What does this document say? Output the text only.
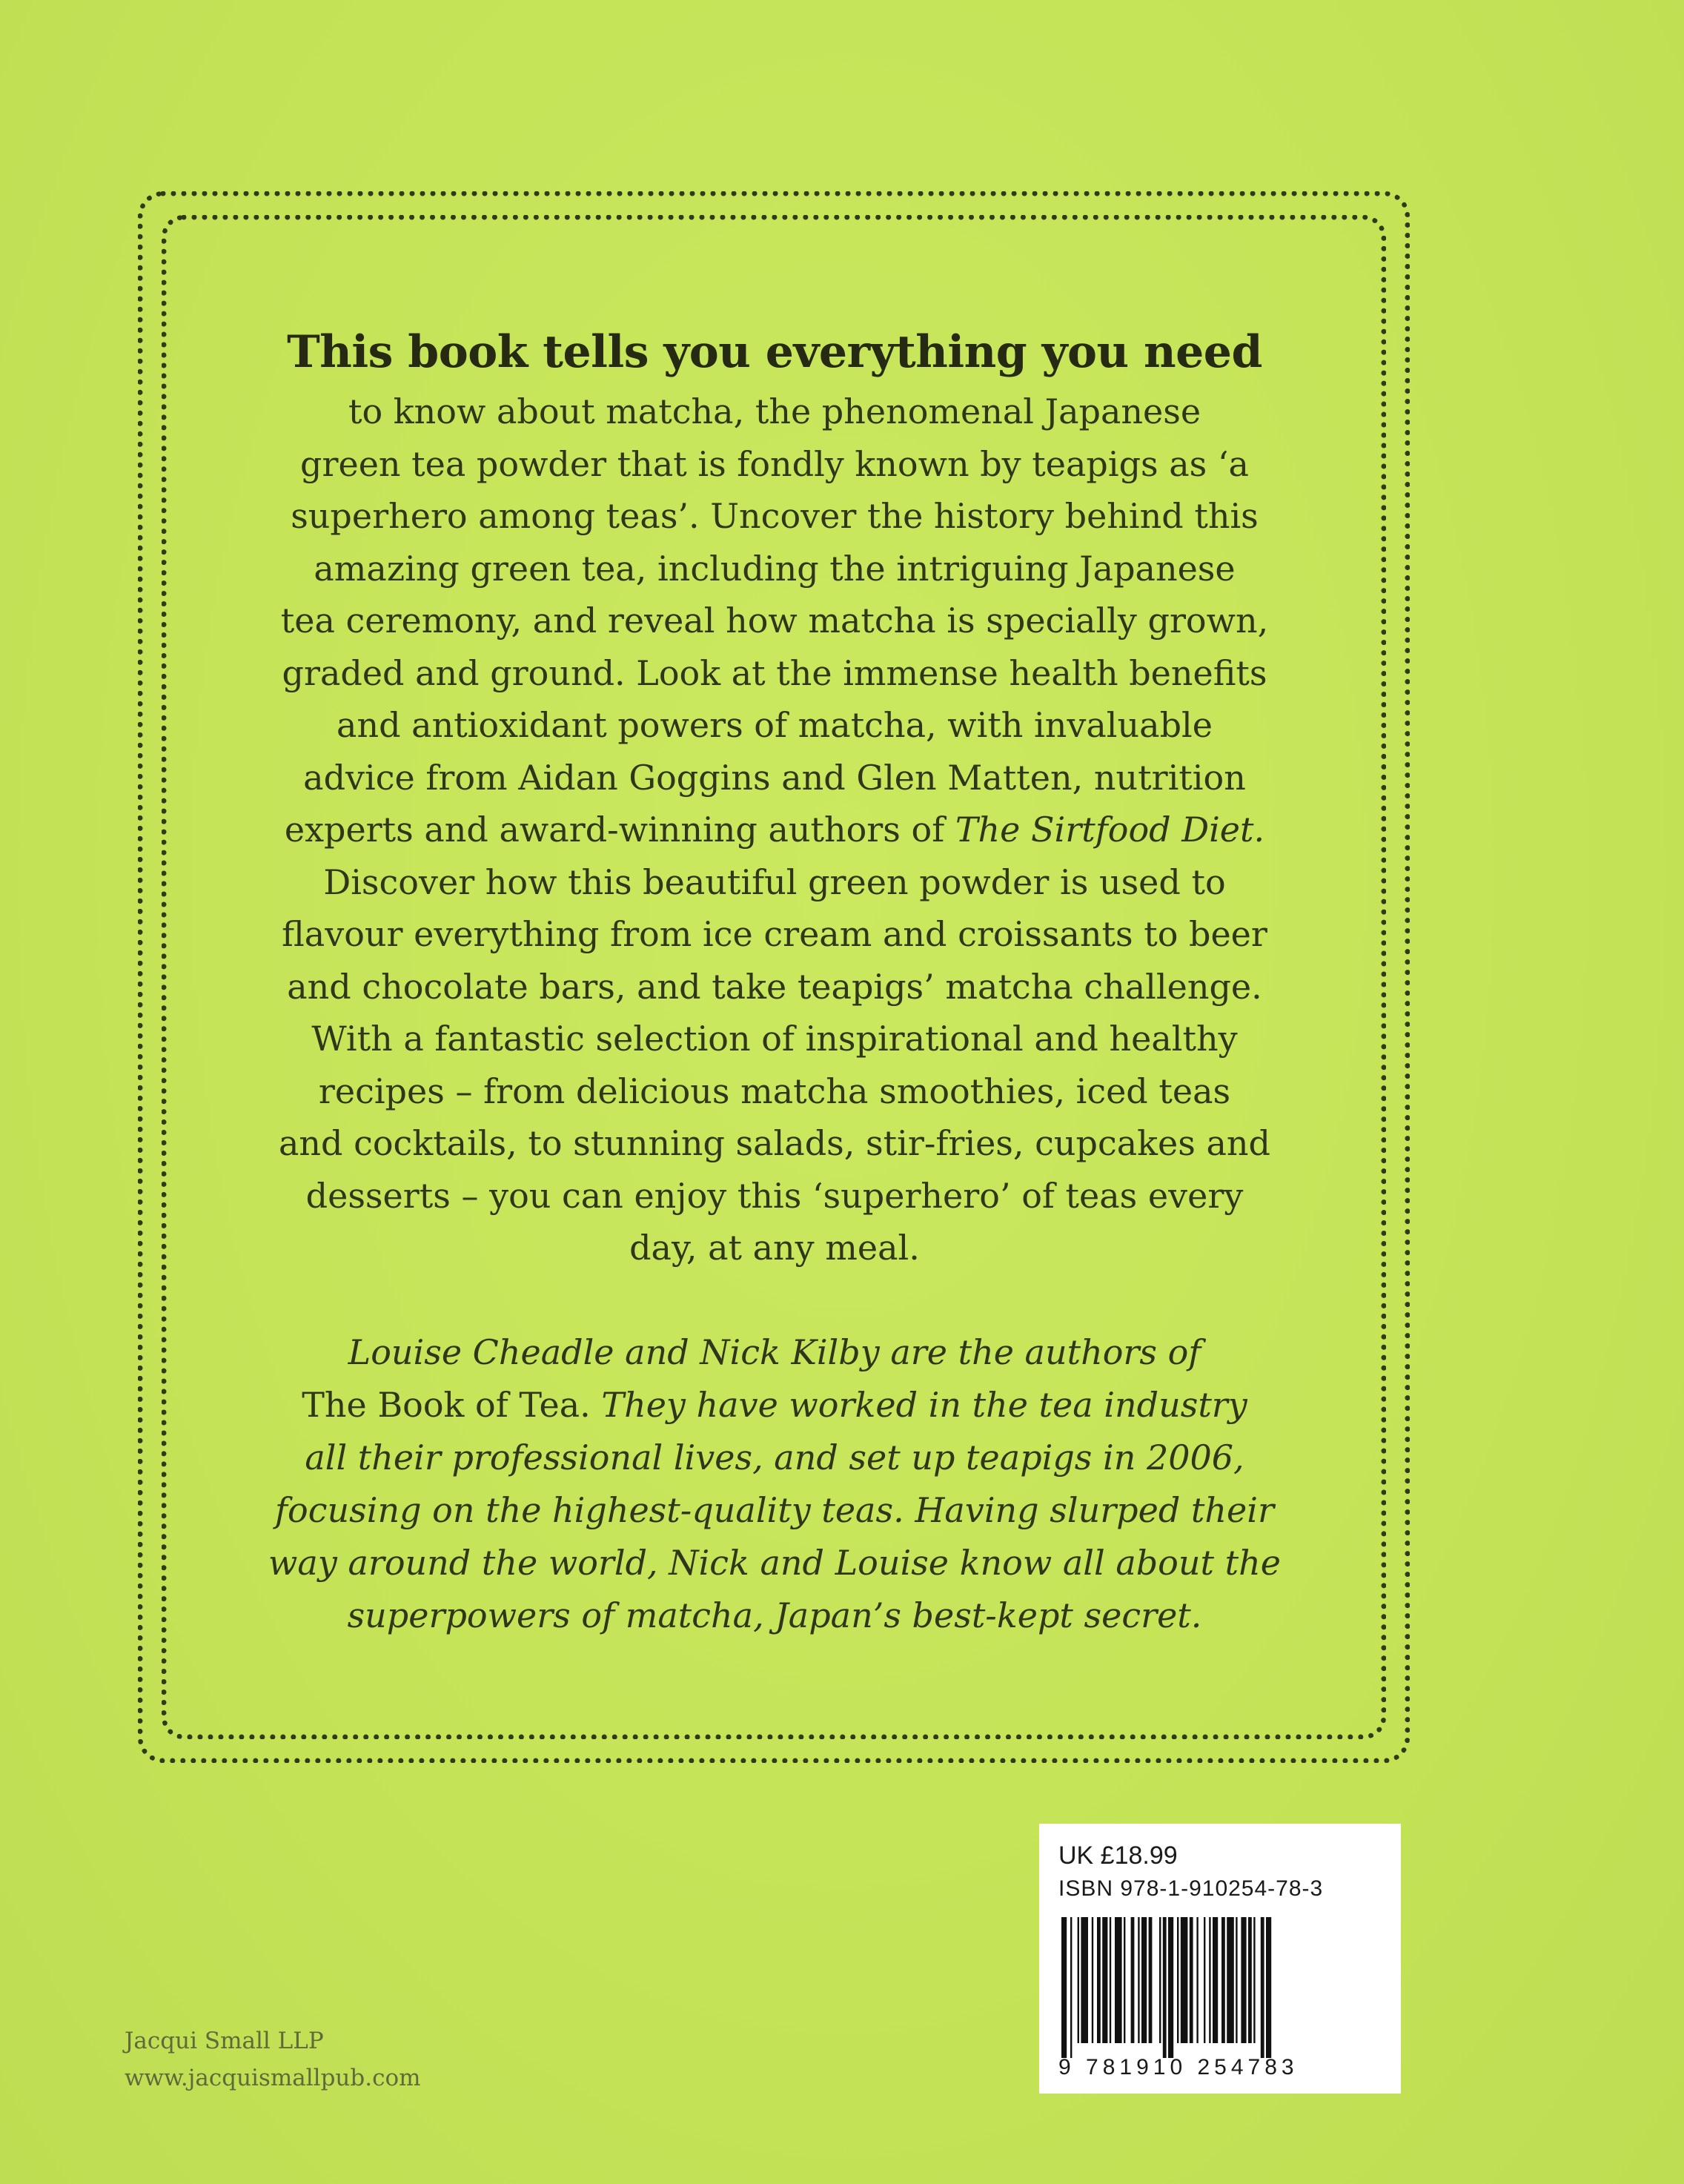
This book tells you everything you need

to know about matcha, the phenomenal Japanese
green tea powder that is fondly known by teapigs as ‘a
superhero among teas’. Uncover the history behind this
amazing green tea, including the intriguing Japanese
tea ceremony, and reveal how matcha is specially grown,
graded and ground. Look at the immense health benefits
and antioxidant powers of matcha, with invaluable
advice from Aidan Goggins and Glen Matten, nutrition
experts and award-winning authors of The Sirtfood Diet.
Discover how this beautiful green powder is used to
flavour everything from ice cream and croissants to beer
and chocolate bars, and take teapigs’ matcha challenge.
With a fantastic selection of inspirational and healthy
recipes – from delicious matcha smoothies, iced teas
and cocktails, to stunning salads, stir-fries, cupcakes and
desserts – you can enjoy this ‘superhero’ of teas every
day, at any meal.

Louise Cheadle and Nick Kilby are the authors of
The Book of Tea. They have worked in the tea industry
all their professional lives, and set up teapigs in 2006,
focusing on the highest-quality teas. Having slurped their
way around the world, Nick and Louise know all about the
superpowers of matcha, Japan’s best-kept secret.
Jacqui Small LLP
www.jacquismallpub.com
UK £18.99
ISBN 978-1-910254-78-3
9 781910 254783
